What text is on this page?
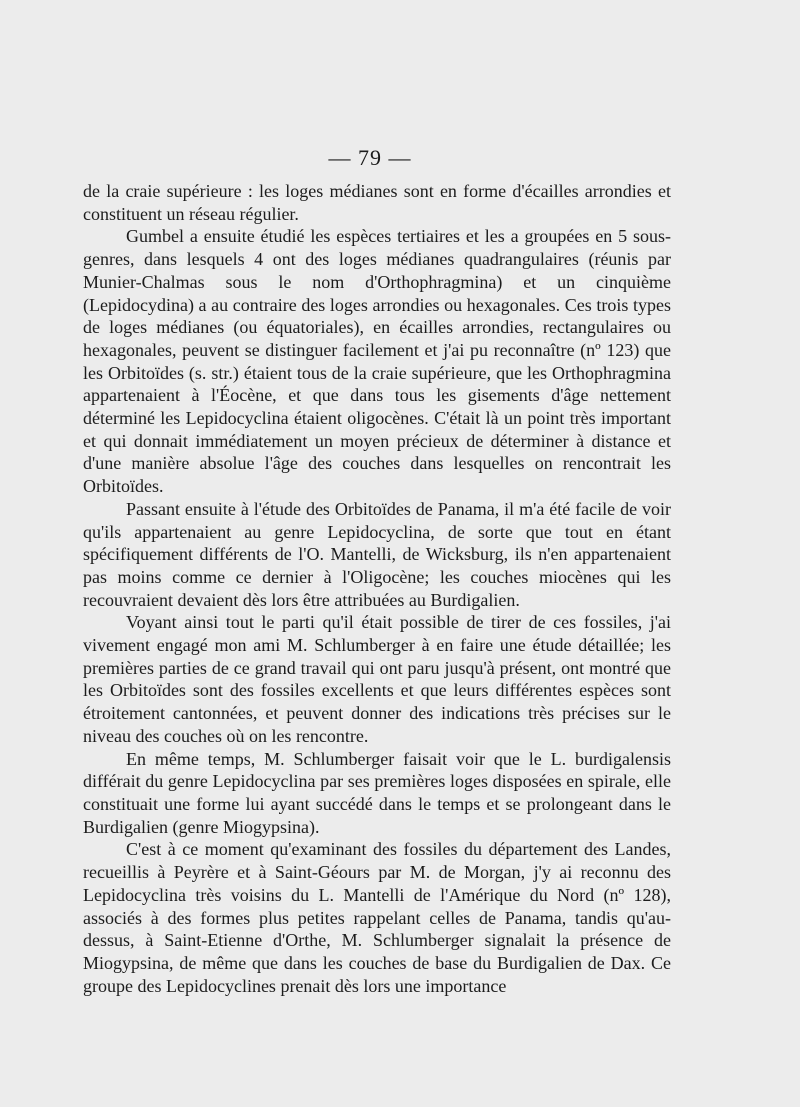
— 79 —

de la craie supérieure : les loges médianes sont en forme d'écailles arrondies et constituent un réseau régulier.

Gumbel a ensuite étudié les espèces tertiaires et les a groupées en 5 sous-genres, dans lesquels 4 ont des loges médianes quadrangulaires (réunis par Munier-Chalmas sous le nom d'Orthophragmina) et un cinquième (Lepidocydina) a au contraire des loges arrondies ou hexagonales. Ces trois types de loges médianes (ou équatoriales), en écailles arrondies, rectangulaires ou hexagonales, peuvent se distinguer facilement et j'ai pu reconnaître (nº 123) que les Orbitoïdes (s. str.) étaient tous de la craie supérieure, que les Orthophragmina appartenaient à l'Éocène, et que dans tous les gisements d'âge nettement déterminé les Lepidocyclina étaient oligocènes. C'était là un point très important et qui donnait immédiatement un moyen précieux de déterminer à distance et d'une manière absolue l'âge des couches dans lesquelles on rencontrait les Orbitoïdes.

Passant ensuite à l'étude des Orbitoïdes de Panama, il m'a été facile de voir qu'ils appartenaient au genre Lepidocyclina, de sorte que tout en étant spécifiquement différents de l'O. Mantelli, de Wicksburg, ils n'en appartenaient pas moins comme ce dernier à l'Oligocène; les couches miocènes qui les recouvraient devaient dès lors être attribuées au Burdigalien.

Voyant ainsi tout le parti qu'il était possible de tirer de ces fossiles, j'ai vivement engagé mon ami M. Schlumberger à en faire une étude détaillée; les premières parties de ce grand travail qui ont paru jusqu'à présent, ont montré que les Orbitoïdes sont des fossiles excellents et que leurs différentes espèces sont étroitement cantonnées, et peuvent donner des indications très précises sur le niveau des couches où on les rencontre.

En même temps, M. Schlumberger faisait voir que le L. burdigalensis différait du genre Lepidocyclina par ses premières loges disposées en spirale, elle constituait une forme lui ayant succédé dans le temps et se prolongeant dans le Burdigalien (genre Miogypsina).

C'est à ce moment qu'examinant des fossiles du département des Landes, recueillis à Peyrère et à Saint-Géours par M. de Morgan, j'y ai reconnu des Lepidocyclina très voisins du L. Mantelli de l'Amérique du Nord (nº 128), associés à des formes plus petites rappelant celles de Panama, tandis qu'au-dessus, à Saint-Etienne d'Orthe, M. Schlumberger signalait la présence de Miogypsina, de même que dans les couches de base du Burdigalien de Dax. Ce groupe des Lepidocyclines prenait dès lors une importance
